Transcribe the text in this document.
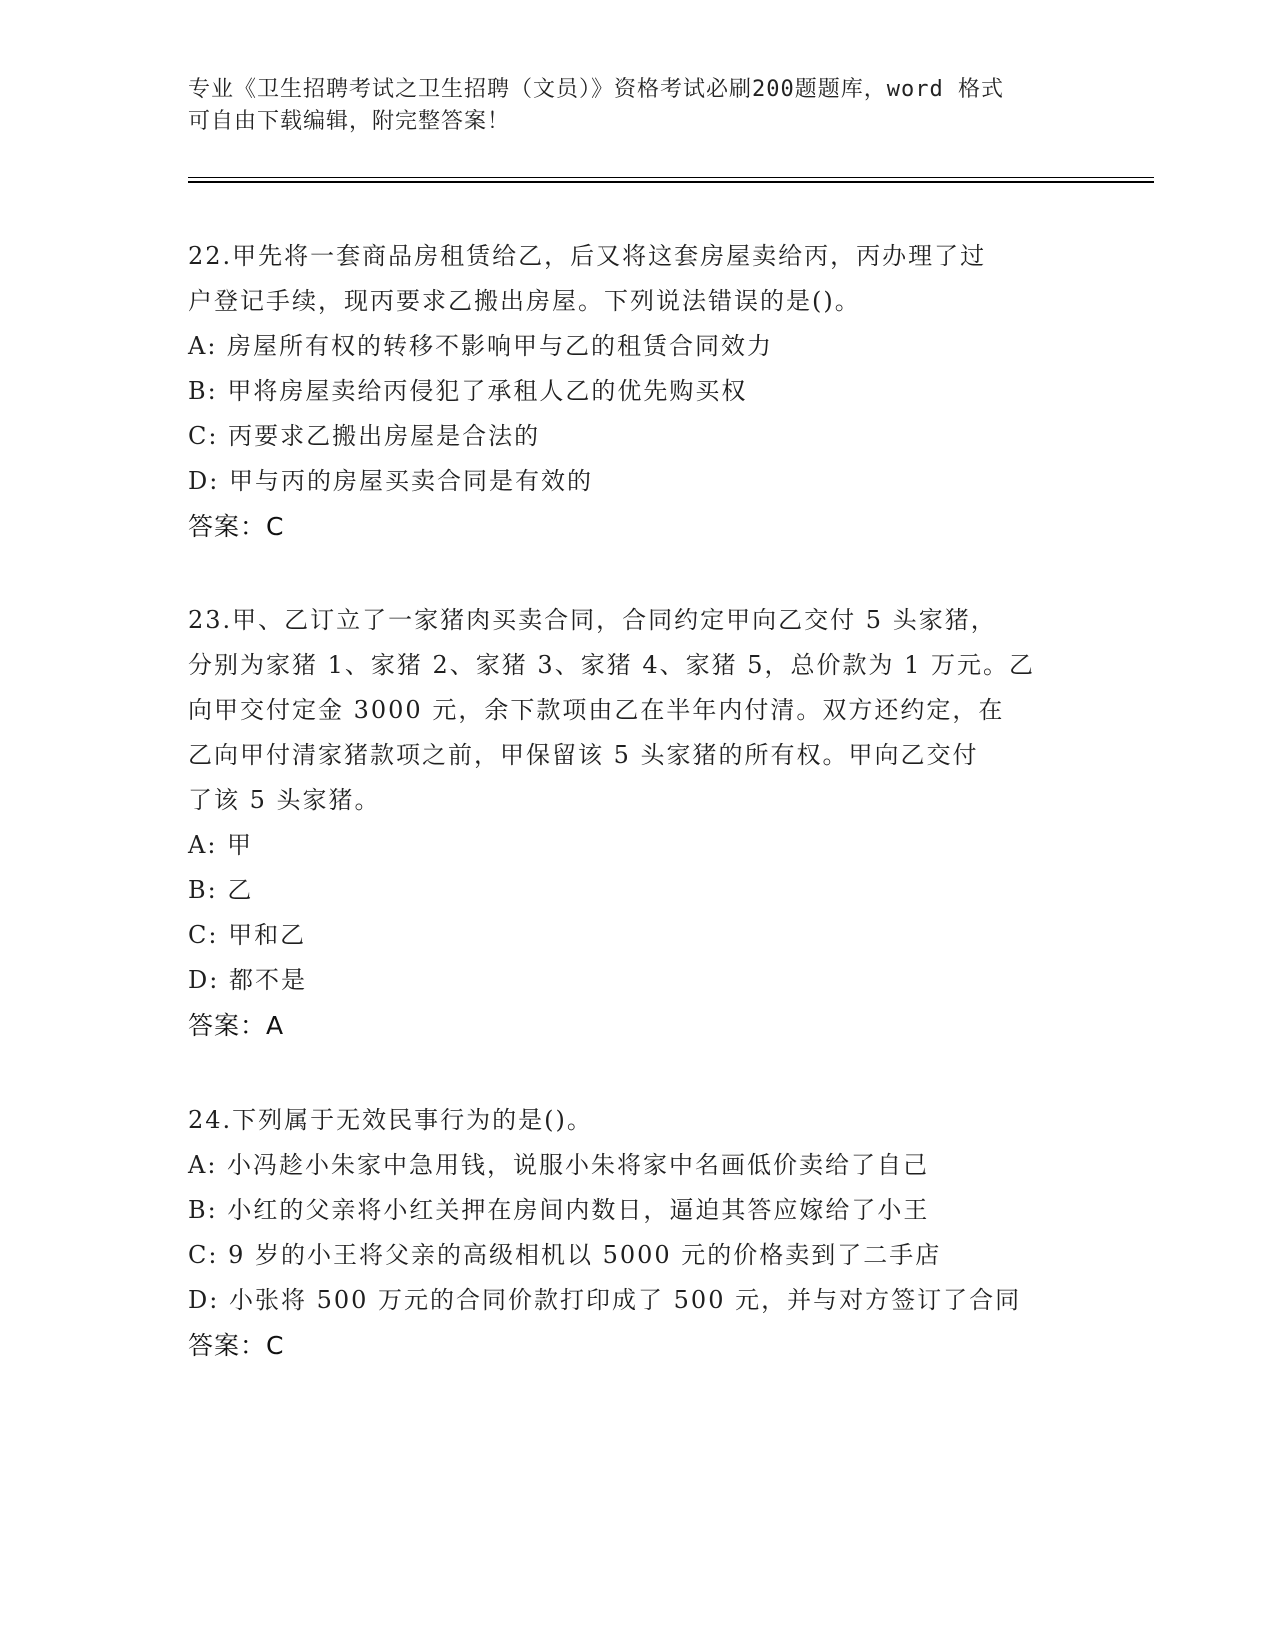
专业《卫生招聘考试之卫生招聘（文员）》资格考试必刷200题题库，word 格式
可自由下载编辑，附完整答案！

22.甲先将一套商品房租赁给乙，后又将这套房屋卖给丙，丙办理了过

户登记手续，现丙要求乙搬出房屋。下列说法错误的是()。

A: 房屋所有权的转移不影响甲与乙的租赁合同效力

B: 甲将房屋卖给丙侵犯了承租人乙的优先购买权

C: 丙要求乙搬出房屋是合法的

D: 甲与丙的房屋买卖合同是有效的

答案：C

23.甲、乙订立了一家猪肉买卖合同，合同约定甲向乙交付 5 头家猪，

分别为家猪 1、家猪 2、家猪 3、家猪 4、家猪 5，总价款为 1 万元。乙

向甲交付定金 3000 元，余下款项由乙在半年内付清。双方还约定，在

乙向甲付清家猪款项之前，甲保留该 5 头家猪的所有权。甲向乙交付

了该 5 头家猪。

A: 甲

B: 乙

C: 甲和乙

D: 都不是

答案：A

24.下列属于无效民事行为的是()。

A: 小冯趁小朱家中急用钱，说服小朱将家中名画低价卖给了自己

B: 小红的父亲将小红关押在房间内数日，逼迫其答应嫁给了小王

C: 9 岁的小王将父亲的高级相机以 5000 元的价格卖到了二手店

D: 小张将 500 万元的合同价款打印成了 500 元，并与对方签订了合同

答案：C
